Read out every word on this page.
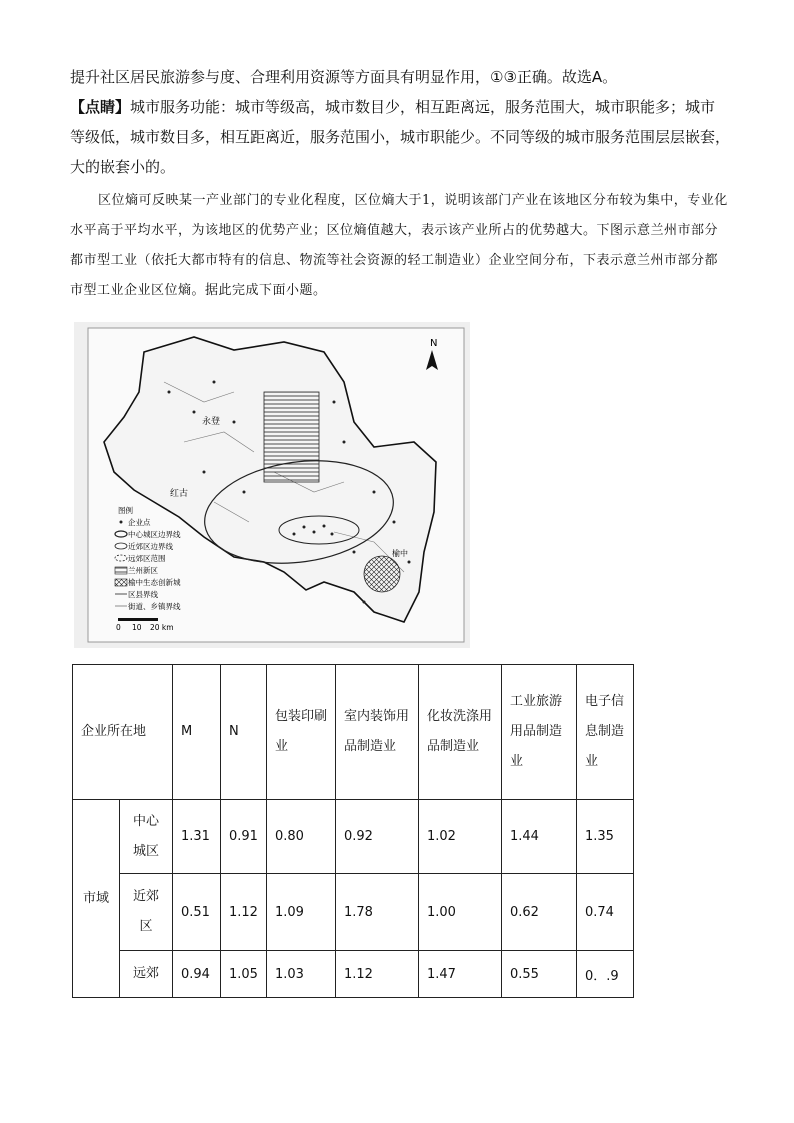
提升社区居民旅游参与度、合理利用资源等方面具有明显作用，①③正确。故选A。
【点睛】城市服务功能：城市等级高，城市数目少，相互距离远，服务范围大，城市职能多；城市等级低，城市数目多，相互距离近，服务范围小，城市职能少。不同等级的城市服务范围层层嵌套，大的嵌套小的。
区位熵可反映某一产业部门的专业化程度，区位熵大于1，说明该部门产业在该地区分布较为集中，专业化水平高于平均水平，为该地区的优势产业；区位熵值越大，表示该产业所占的优势越大。下图示意兰州市部分都市型工业（依托大都市特有的信息、物流等社会资源的轻工制造业）企业空间分布，下表示意兰州市部分都市型工业企业区位熵。据此完成下面小题。
N
永登
红古
榆中
图例
企业点
中心城区边界线
近郊区边界线
远郊区范围
兰州新区
榆中生态创新城
区县界线
街道、乡镇界线
0 10 20 km
企业所在地		M	N	包装印刷业	室内装饰用品制造业	化妆洗涤用品制造业	工业旅游用品制造业	电子信息制造业
市域	中心城区	1.31	0.91	0.80	0.92	1.02	1.44	1.35
	近郊区	0.51	1.12	1.09	1.78	1.00	0.62	0.74
	远郊	0.94	1.05	1.03	1.12	1.47	0.55	0．.9
